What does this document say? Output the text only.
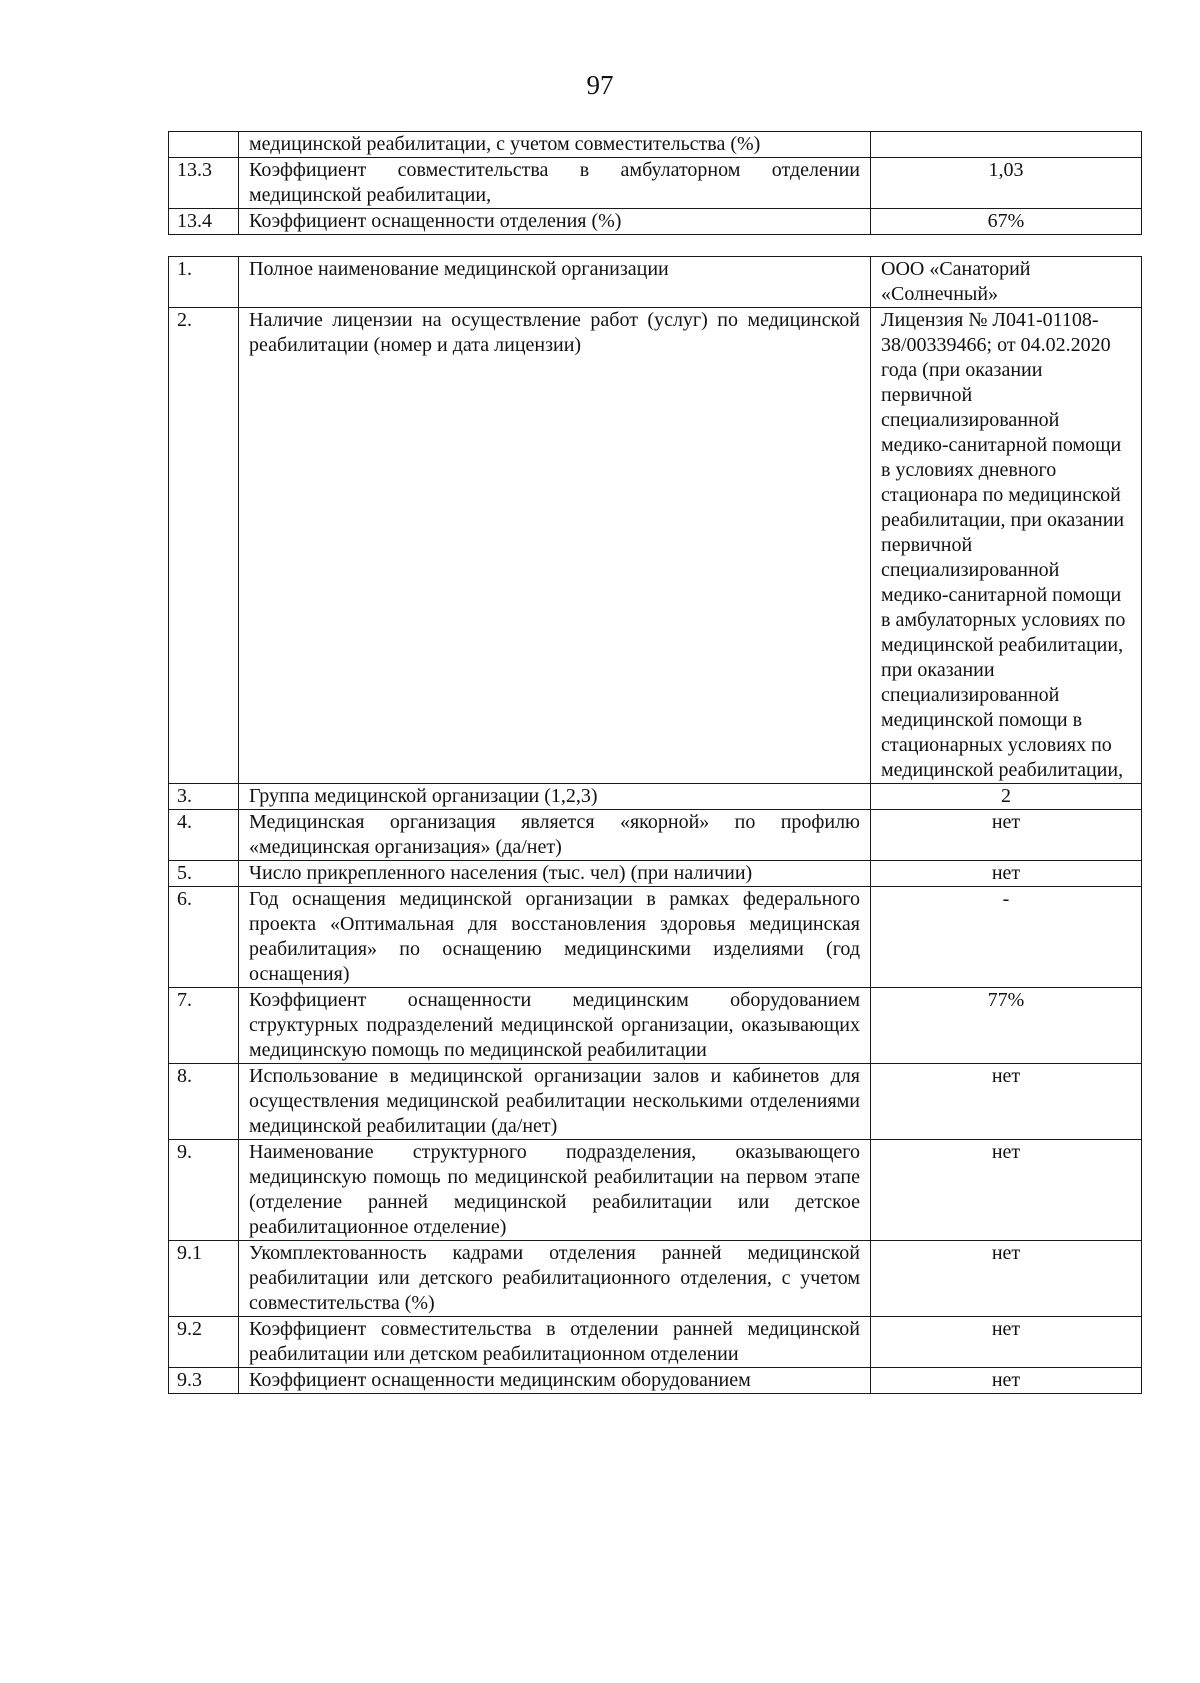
97
	медицинской реабилитации, с учетом совместительства (%)	
13.3	Коэффициент совместительства в амбулаторном отделении медицинской реабилитации,	1,03
13.4	Коэффициент оснащенности отделения (%)	67%
1.	Полное наименование медицинской организации	ООО «Санаторий «Солнечный»
2.	Наличие лицензии на осуществление работ (услуг) по медицинской реабилитации (номер и дата лицензии)	Лицензия № Л041-01108-38/00339466; от 04.02.2020 года (при оказании первичной специализированной медико-санитарной помощи в условиях дневного стационара по медицинской реабилитации, при оказании первичной специализированной медико-санитарной помощи в амбулаторных условиях по медицинской реабилитации, при оказании специализированной медицинской помощи в стационарных условиях по медицинской реабилитации,
3.	Группа медицинской организации (1,2,3)	2
4.	Медицинская организация является «якорной» по профилю «медицинская организация» (да/нет)	нет
5.	Число прикрепленного населения (тыс. чел) (при наличии)	нет
6.	Год оснащения медицинской организации в рамках федерального проекта «Оптимальная для восстановления здоровья медицинская реабилитация» по оснащению медицинскими изделиями (год оснащения)	-
7.	Коэффициент оснащенности медицинским оборудованием структурных подразделений медицинской организации, оказывающих медицинскую помощь по медицинской реабилитации	77%
8.	Использование в медицинской организации залов и кабинетов для осуществления медицинской реабилитации несколькими отделениями медицинской реабилитации (да/нет)	нет
9.	Наименование структурного подразделения, оказывающего медицинскую помощь по медицинской реабилитации на первом этапе (отделение ранней медицинской реабилитации или детское реабилитационное отделение)	нет
9.1	Укомплектованность кадрами отделения ранней медицинской реабилитации или детского реабилитационного отделения, с учетом совместительства (%)	нет
9.2	Коэффициент совместительства в отделении ранней медицинской реабилитации или детском реабилитационном отделении	нет
9.3	Коэффициент оснащенности медицинским оборудованием	нет
